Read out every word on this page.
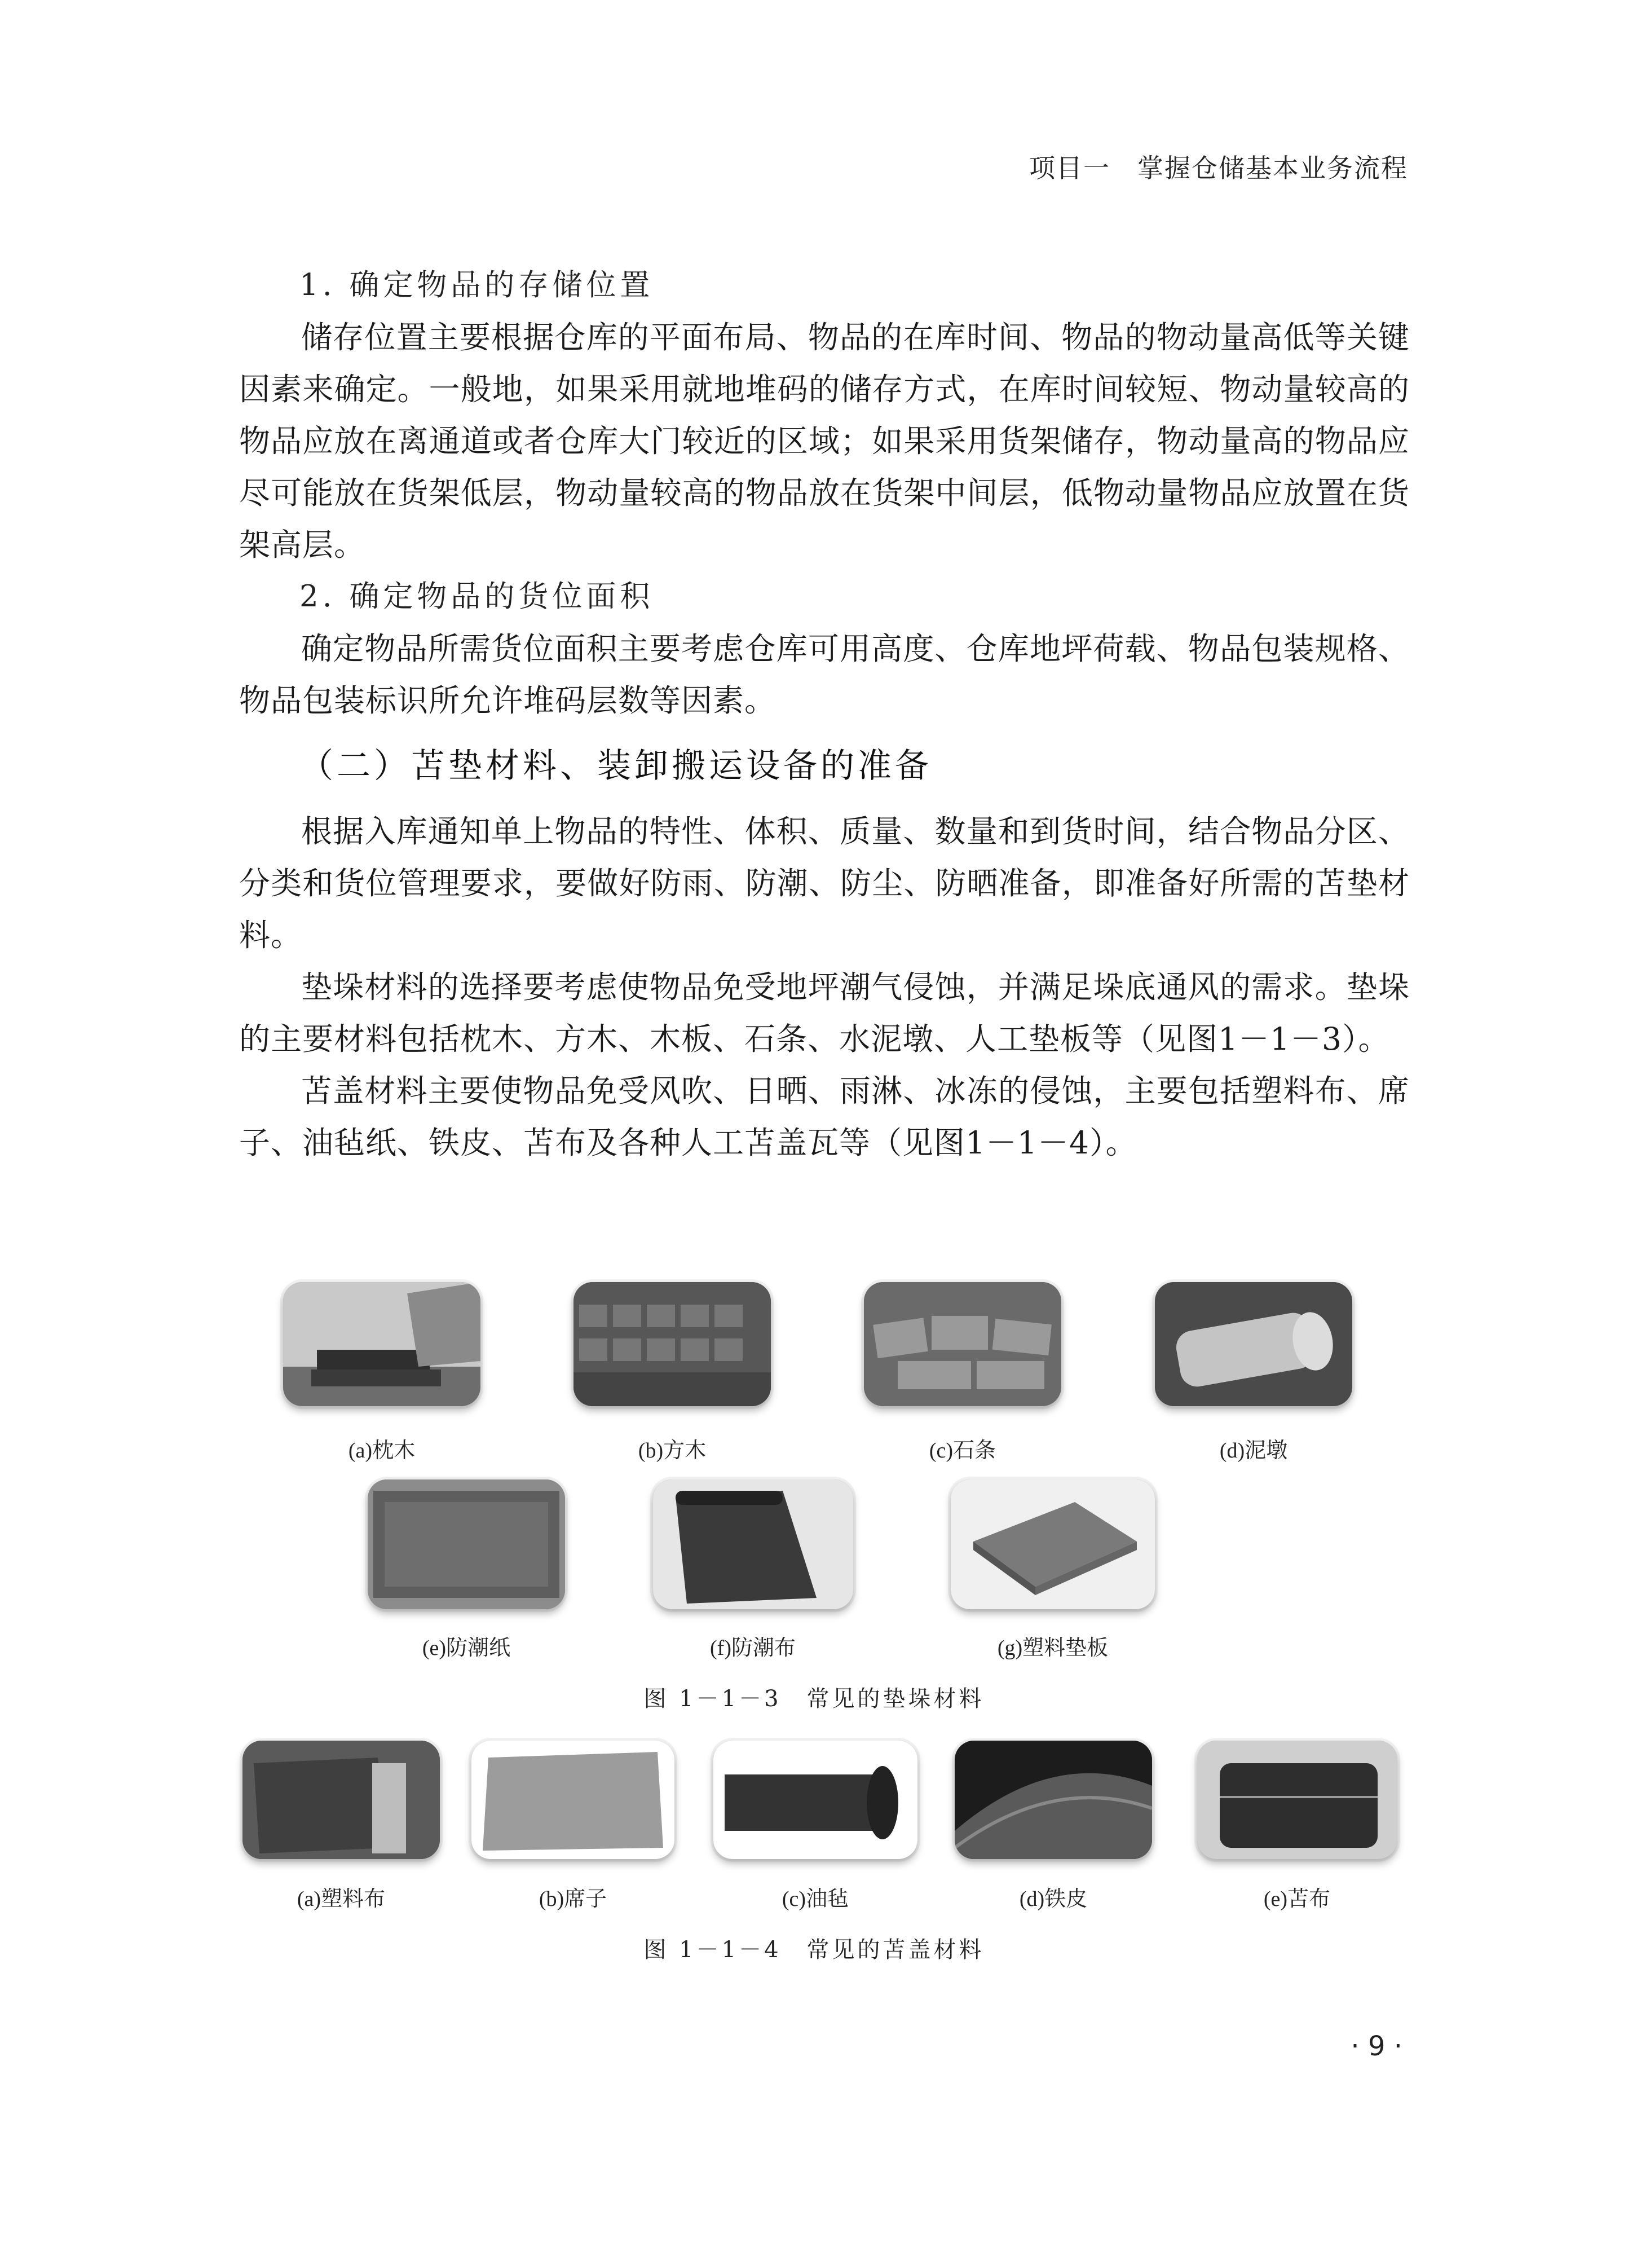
项目一　掌握仓储基本业务流程

1. 确定物品的存储位置

储存位置主要根据仓库的平面布局、物品的在库时间、物品的物动量高低等关键因素来确定。一般地，如果采用就地堆码的储存方式，在库时间较短、物动量较高的物品应放在离通道或者仓库大门较近的区域；如果采用货架储存，物动量高的物品应尽可能放在货架低层，物动量较高的物品放在货架中间层，低物动量物品应放置在货架高层。

2. 确定物品的货位面积

确定物品所需货位面积主要考虑仓库可用高度、仓库地坪荷载、物品包装规格、物品包装标识所允许堆码层数等因素。

（二）苫垫材料、装卸搬运设备的准备

根据入库通知单上物品的特性、体积、质量、数量和到货时间，结合物品分区、分类和货位管理要求，要做好防雨、防潮、防尘、防晒准备，即准备好所需的苫垫材料。

垫垛材料的选择要考虑使物品免受地坪潮气侵蚀，并满足垛底通风的需求。垫垛的主要材料包括枕木、方木、木板、石条、水泥墩、人工垫板等（见图1－1－3）。

苫盖材料主要使物品免受风吹、日晒、雨淋、冰冻的侵蚀，主要包括塑料布、席子、油毡纸、铁皮、苫布及各种人工苫盖瓦等（见图1－1－4）。

(a)枕木	(b)方木	(c)石条	(d)泥墩
(e)防潮纸	(f)防潮布	(g)塑料垫板
图 1－1－3　常见的垫垛材料
(a)塑料布	(b)席子	(c)油毡	(d)铁皮	(e)苫布
图 1－1－4　常见的苫盖材料
· 9 ·
